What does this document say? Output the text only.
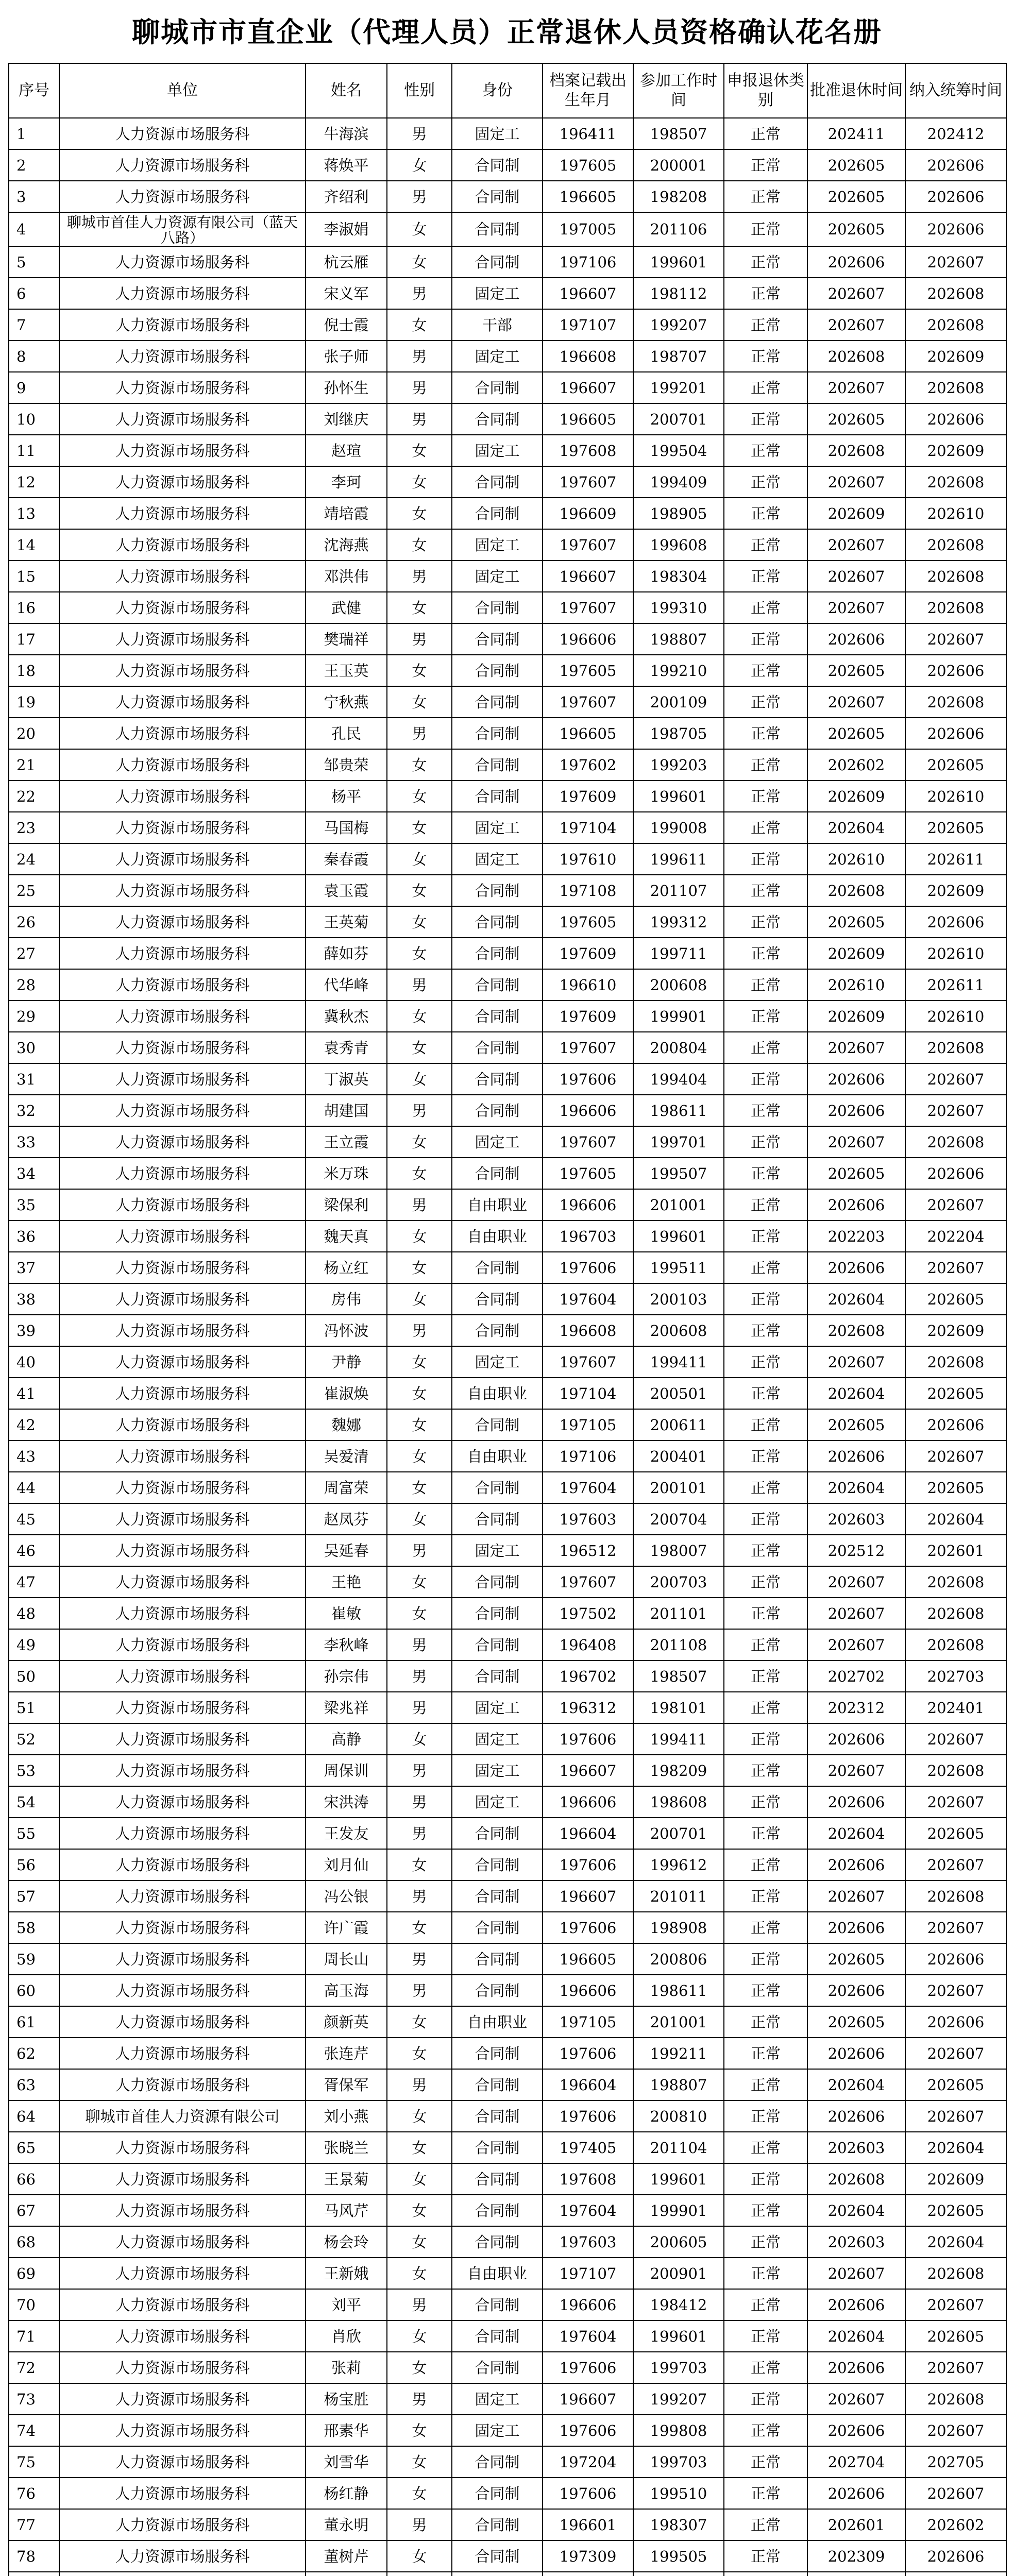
聊城市市直企业（代理人员）正常退休人员资格确认花名册
序号	单位	姓名	性别	身份	档案记载出生年月	参加工作时间	申报退休类别	批准退休时间	纳入统筹时间
1	人力资源市场服务科	牛海滨	男	固定工	196411	198507	正常	202411	202412
2	人力资源市场服务科	蒋焕平	女	合同制	197605	200001	正常	202605	202606
3	人力资源市场服务科	齐绍利	男	合同制	196605	198208	正常	202605	202606
4	聊城市首佳人力资源有限公司（蓝天八路）	李淑娟	女	合同制	197005	201106	正常	202605	202606
5	人力资源市场服务科	杭云雁	女	合同制	197106	199601	正常	202606	202607
6	人力资源市场服务科	宋义军	男	固定工	196607	198112	正常	202607	202608
7	人力资源市场服务科	倪士霞	女	干部	197107	199207	正常	202607	202608
8	人力资源市场服务科	张子师	男	固定工	196608	198707	正常	202608	202609
9	人力资源市场服务科	孙怀生	男	合同制	196607	199201	正常	202607	202608
10	人力资源市场服务科	刘继庆	男	合同制	196605	200701	正常	202605	202606
11	人力资源市场服务科	赵瑄	女	固定工	197608	199504	正常	202608	202609
12	人力资源市场服务科	李珂	女	合同制	197607	199409	正常	202607	202608
13	人力资源市场服务科	靖培霞	女	合同制	196609	198905	正常	202609	202610
14	人力资源市场服务科	沈海燕	女	固定工	197607	199608	正常	202607	202608
15	人力资源市场服务科	邓洪伟	男	固定工	196607	198304	正常	202607	202608
16	人力资源市场服务科	武健	女	合同制	197607	199310	正常	202607	202608
17	人力资源市场服务科	樊瑞祥	男	合同制	196606	198807	正常	202606	202607
18	人力资源市场服务科	王玉英	女	合同制	197605	199210	正常	202605	202606
19	人力资源市场服务科	宁秋燕	女	合同制	197607	200109	正常	202607	202608
20	人力资源市场服务科	孔民	男	合同制	196605	198705	正常	202605	202606
21	人力资源市场服务科	邹贵荣	女	合同制	197602	199203	正常	202602	202605
22	人力资源市场服务科	杨平	女	合同制	197609	199601	正常	202609	202610
23	人力资源市场服务科	马国梅	女	固定工	197104	199008	正常	202604	202605
24	人力资源市场服务科	秦春霞	女	固定工	197610	199611	正常	202610	202611
25	人力资源市场服务科	袁玉霞	女	合同制	197108	201107	正常	202608	202609
26	人力资源市场服务科	王英菊	女	合同制	197605	199312	正常	202605	202606
27	人力资源市场服务科	薛如芬	女	合同制	197609	199711	正常	202609	202610
28	人力资源市场服务科	代华峰	男	合同制	196610	200608	正常	202610	202611
29	人力资源市场服务科	冀秋杰	女	合同制	197609	199901	正常	202609	202610
30	人力资源市场服务科	袁秀青	女	合同制	197607	200804	正常	202607	202608
31	人力资源市场服务科	丁淑英	女	合同制	197606	199404	正常	202606	202607
32	人力资源市场服务科	胡建国	男	合同制	196606	198611	正常	202606	202607
33	人力资源市场服务科	王立霞	女	固定工	197607	199701	正常	202607	202608
34	人力资源市场服务科	米万珠	女	合同制	197605	199507	正常	202605	202606
35	人力资源市场服务科	梁保利	男	自由职业	196606	201001	正常	202606	202607
36	人力资源市场服务科	魏天真	女	自由职业	196703	199601	正常	202203	202204
37	人力资源市场服务科	杨立红	女	合同制	197606	199511	正常	202606	202607
38	人力资源市场服务科	房伟	女	合同制	197604	200103	正常	202604	202605
39	人力资源市场服务科	冯怀波	男	合同制	196608	200608	正常	202608	202609
40	人力资源市场服务科	尹静	女	固定工	197607	199411	正常	202607	202608
41	人力资源市场服务科	崔淑焕	女	自由职业	197104	200501	正常	202604	202605
42	人力资源市场服务科	魏娜	女	合同制	197105	200611	正常	202605	202606
43	人力资源市场服务科	吴爱清	女	自由职业	197106	200401	正常	202606	202607
44	人力资源市场服务科	周富荣	女	合同制	197604	200101	正常	202604	202605
45	人力资源市场服务科	赵凤芬	女	合同制	197603	200704	正常	202603	202604
46	人力资源市场服务科	吴延春	男	固定工	196512	198007	正常	202512	202601
47	人力资源市场服务科	王艳	女	合同制	197607	200703	正常	202607	202608
48	人力资源市场服务科	崔敏	女	合同制	197502	201101	正常	202607	202608
49	人力资源市场服务科	李秋峰	男	合同制	196408	201108	正常	202607	202608
50	人力资源市场服务科	孙宗伟	男	合同制	196702	198507	正常	202702	202703
51	人力资源市场服务科	梁兆祥	男	固定工	196312	198101	正常	202312	202401
52	人力资源市场服务科	高静	女	固定工	197606	199411	正常	202606	202607
53	人力资源市场服务科	周保训	男	固定工	196607	198209	正常	202607	202608
54	人力资源市场服务科	宋洪涛	男	固定工	196606	198608	正常	202606	202607
55	人力资源市场服务科	王发友	男	合同制	196604	200701	正常	202604	202605
56	人力资源市场服务科	刘月仙	女	合同制	197606	199612	正常	202606	202607
57	人力资源市场服务科	冯公银	男	合同制	196607	201011	正常	202607	202608
58	人力资源市场服务科	许广霞	女	合同制	197606	198908	正常	202606	202607
59	人力资源市场服务科	周长山	男	合同制	196605	200806	正常	202605	202606
60	人力资源市场服务科	高玉海	男	合同制	196606	198611	正常	202606	202607
61	人力资源市场服务科	颜新英	女	自由职业	197105	201001	正常	202605	202606
62	人力资源市场服务科	张连芹	女	合同制	197606	199211	正常	202606	202607
63	人力资源市场服务科	胥保军	男	合同制	196604	198807	正常	202604	202605
64	聊城市首佳人力资源有限公司	刘小燕	女	合同制	197606	200810	正常	202606	202607
65	人力资源市场服务科	张晓兰	女	合同制	197405	201104	正常	202603	202604
66	人力资源市场服务科	王景菊	女	合同制	197608	199601	正常	202608	202609
67	人力资源市场服务科	马风芹	女	合同制	197604	199901	正常	202604	202605
68	人力资源市场服务科	杨会玲	女	合同制	197603	200605	正常	202603	202604
69	人力资源市场服务科	王新娥	女	自由职业	197107	200901	正常	202607	202608
70	人力资源市场服务科	刘平	男	合同制	196606	198412	正常	202606	202607
71	人力资源市场服务科	肖欣	女	合同制	197604	199601	正常	202604	202605
72	人力资源市场服务科	张莉	女	合同制	197606	199703	正常	202606	202607
73	人力资源市场服务科	杨宝胜	男	固定工	196607	199207	正常	202607	202608
74	人力资源市场服务科	邢素华	女	固定工	197606	199808	正常	202606	202607
75	人力资源市场服务科	刘雪华	女	合同制	197204	199703	正常	202704	202705
76	人力资源市场服务科	杨红静	女	合同制	197606	199510	正常	202606	202607
77	人力资源市场服务科	董永明	男	合同制	196601	198307	正常	202601	202602
78	人力资源市场服务科	董树芹	女	合同制	197309	199505	正常	202309	202606
